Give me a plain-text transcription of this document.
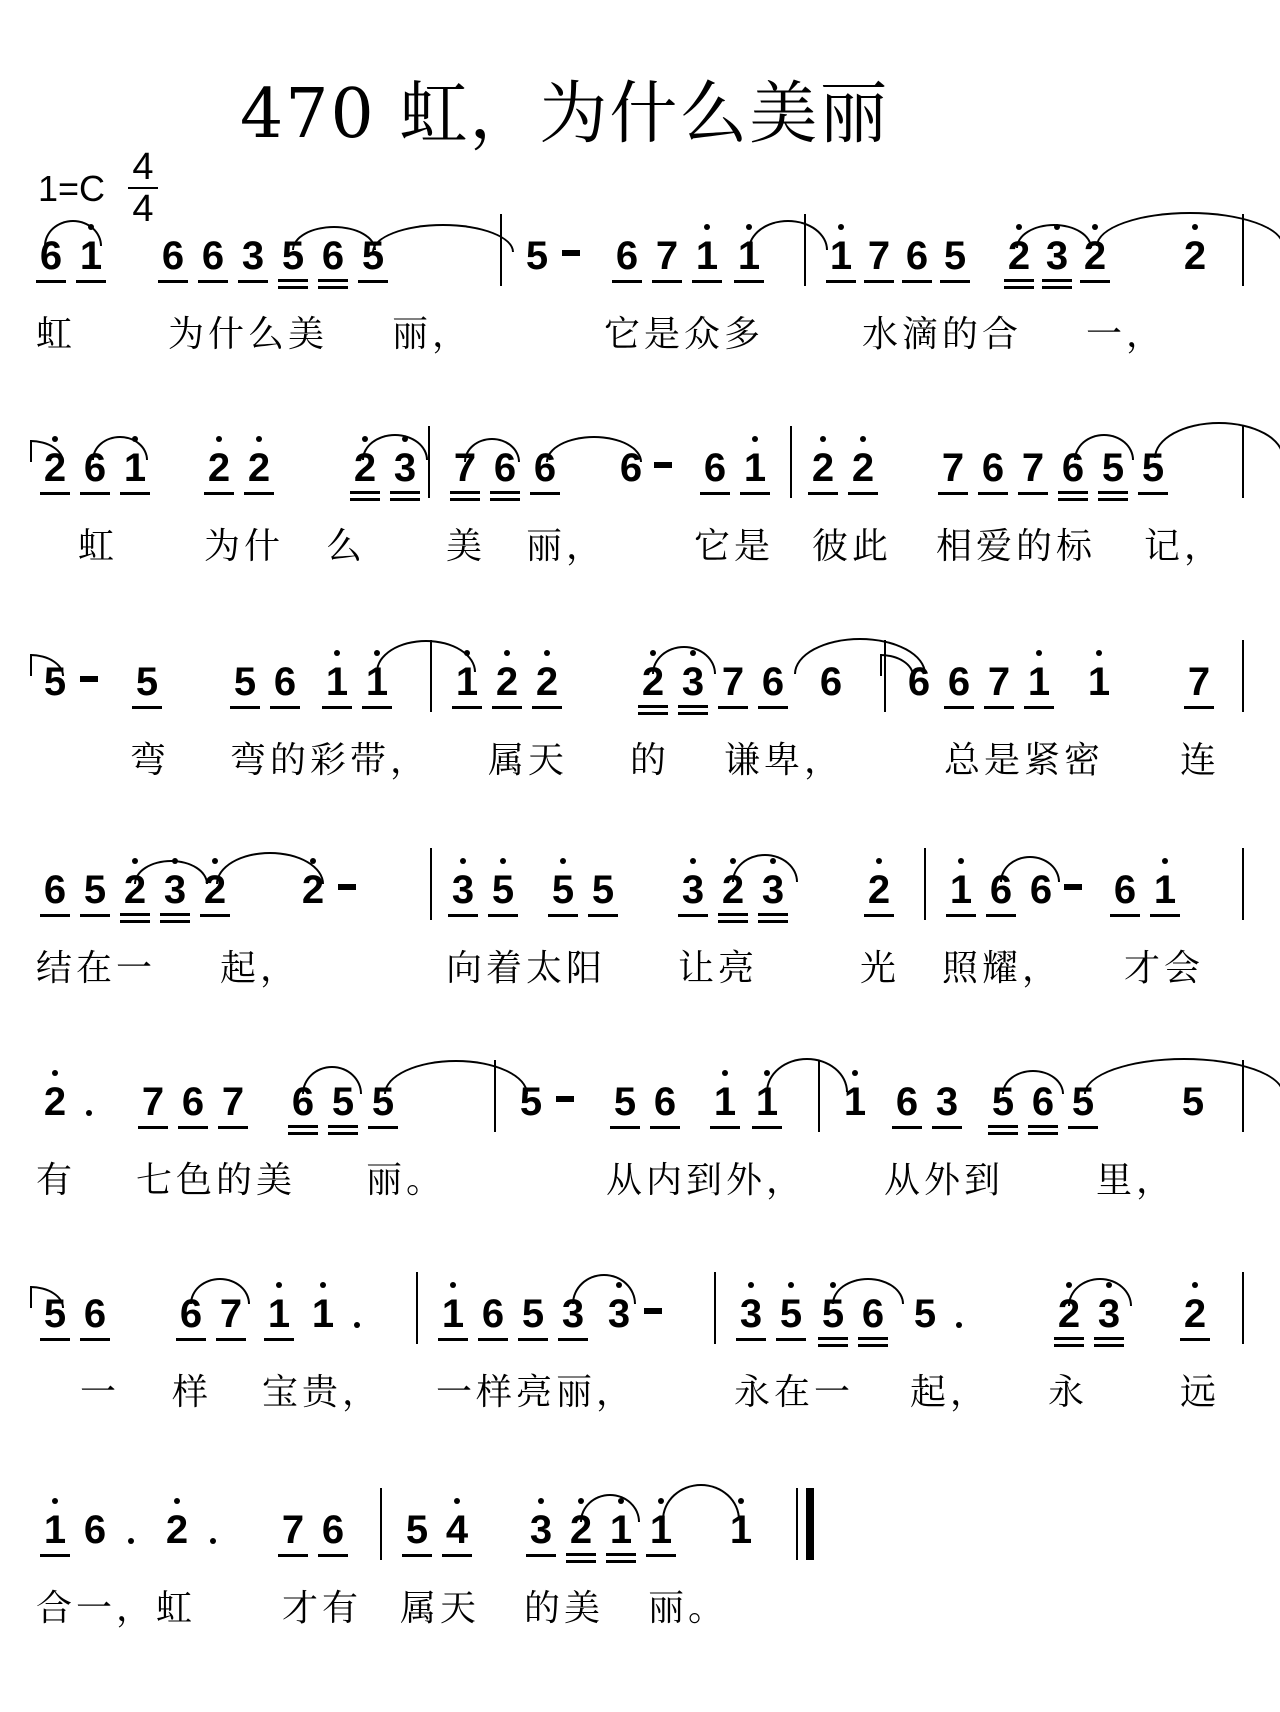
470 虹，为什么美丽
1=C
4
4
6 1 6 6 3 5 6 5	5 6 7 1 1 1 7 6 5 2 3 2 2
虹	为什么美 丽，	它是众多	水滴的合 一，
2 6 1 2 2 2 3 7 6 6 6 6 1 2 2 7 6 7 6 5 5
虹 为什 么 美 丽， 它是 彼此 相爱的标 记，
5 5 5 6 1 1 1 2 2 2 3 7 6 6 6 6 7 1 1 7
弯 弯的彩带， 属天 的 谦卑，	总是紧密 连
6 5 2 3 2 2	3 5 5 5 3 2 3 2 1 6 6 6 1
结在一 起，	向着太阳 让亮	光 照耀， 才会
2 7 6 7 6 5 5	5 5 6 1 1 1 6 3 5 6 5 5
有 七色的美 丽。	从内到外， 从外到	里，
5 6 6 7 1 1	1 6 5 3 3	3 5 5 6 5	2 3 2
一 样 宝贵， 一样亮丽，	永在一 起， 永	远
1 6 2 7 6 5 4 3 2 1 1 1
合一，虹 才有 属天 的美 丽。
